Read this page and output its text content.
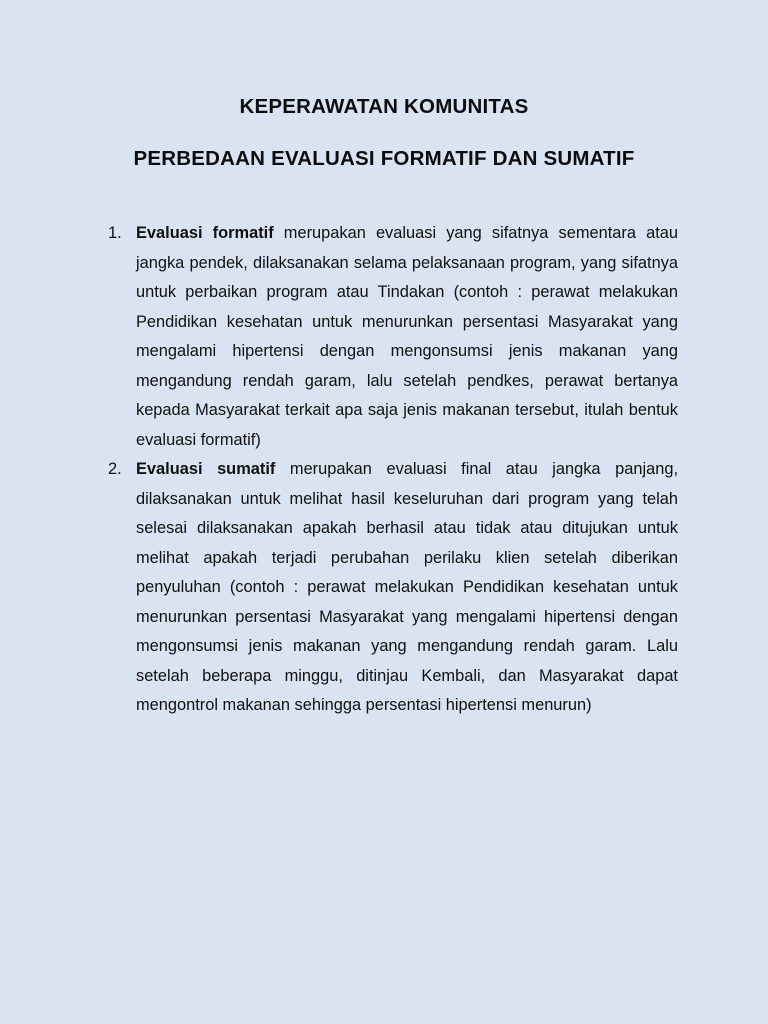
KEPERAWATAN KOMUNITAS
PERBEDAAN EVALUASI FORMATIF DAN SUMATIF
1. Evaluasi formatif merupakan evaluasi yang sifatnya sementara atau jangka pendek, dilaksanakan selama pelaksanaan program, yang sifatnya untuk perbaikan program atau Tindakan (contoh : perawat melakukan Pendidikan kesehatan untuk menurunkan persentasi Masyarakat yang mengalami hipertensi dengan mengonsumsi jenis makanan yang mengandung rendah garam, lalu setelah pendkes, perawat bertanya kepada Masyarakat terkait apa saja jenis makanan tersebut, itulah bentuk evaluasi formatif)
2. Evaluasi sumatif merupakan evaluasi final atau jangka panjang, dilaksanakan untuk melihat hasil keseluruhan dari program yang telah selesai dilaksanakan apakah berhasil atau tidak atau ditujukan untuk melihat apakah terjadi perubahan perilaku klien setelah diberikan penyuluhan (contoh : perawat melakukan Pendidikan kesehatan untuk menurunkan persentasi Masyarakat yang mengalami hipertensi dengan mengonsumsi jenis makanan yang mengandung rendah garam. Lalu setelah beberapa minggu, ditinjau Kembali, dan Masyarakat dapat mengontrol makanan sehingga persentasi hipertensi menurun)
